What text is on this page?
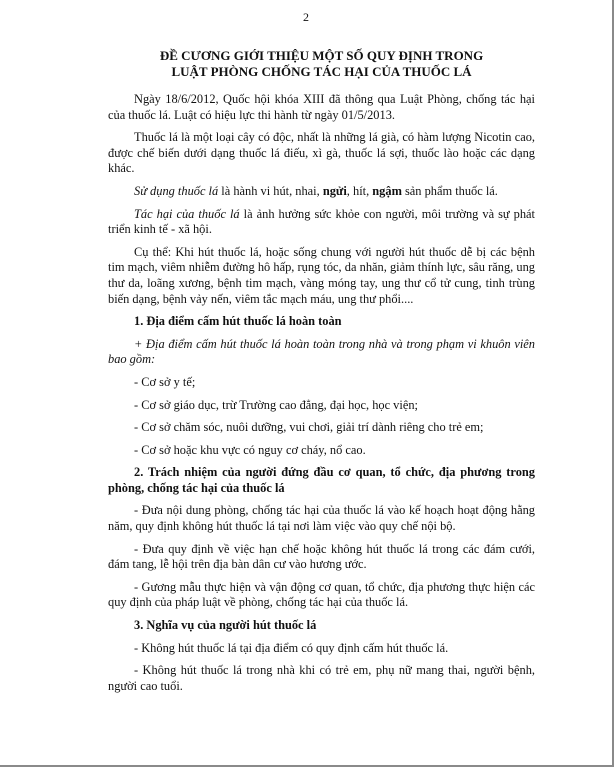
2
ĐỀ CƯƠNG GIỚI THIỆU MỘT SỐ QUY ĐỊNH TRONG
LUẬT PHÒNG CHỐNG TÁC HẠI CỦA THUỐC LÁ

Ngày 18/6/2012, Quốc hội khóa XIII đã thông qua Luật Phòng, chống tác hại của thuốc lá. Luật có hiệu lực thi hành từ ngày 01/5/2013.

Thuốc lá là một loại cây có độc, nhất là những lá già, có hàm lượng Nicotin cao, được chế biến dưới dạng thuốc lá điếu, xì gà, thuốc lá sợi, thuốc lào hoặc các dạng khác.

Sử dụng thuốc lá là hành vi hút, nhai, ngửi, hít, ngậm sản phẩm thuốc lá.

Tác hại của thuốc lá là ảnh hưởng sức khỏe con người, môi trường và sự phát triển kinh tế - xã hội.

Cụ thể: Khi hút thuốc lá, hoặc sống chung với người hút thuốc dễ bị các bệnh tim mạch, viêm nhiễm đường hô hấp, rụng tóc, da nhăn, giảm thính lực, sâu răng, ung thư da, loãng xương, bệnh tim mạch, vàng móng tay, ung thư cổ tử cung, tinh trùng biến dạng, bệnh vảy nến, viêm tắc mạch máu, ung thư phổi....

1. Địa điểm cấm hút thuốc lá hoàn toàn

+ Địa điểm cấm hút thuốc lá hoàn toàn trong nhà và trong phạm vi khuôn viên bao gồm:

- Cơ sở y tế;
- Cơ sở giáo dục, trừ Trường cao đẳng, đại học, học viện;
- Cơ sở chăm sóc, nuôi dưỡng, vui chơi, giải trí dành riêng cho trẻ em;
- Cơ sở hoặc khu vực có nguy cơ cháy, nổ cao.
2. Trách nhiệm của người đứng đầu cơ quan, tổ chức, địa phương trong phòng, chống tác hại của thuốc lá
- Đưa nội dung phòng, chống tác hại của thuốc lá vào kế hoạch hoạt động hằng năm, quy định không hút thuốc lá tại nơi làm việc vào quy chế nội bộ.
- Đưa quy định về việc hạn chế hoặc không hút thuốc lá trong các đám cưới, đám tang, lễ hội trên địa bàn dân cư vào hương ước.
- Gương mẫu thực hiện và vận động cơ quan, tổ chức, địa phương thực hiện các quy định của pháp luật về phòng, chống tác hại của thuốc lá.
3. Nghĩa vụ của người hút thuốc lá
- Không hút thuốc lá tại địa điểm có quy định cấm hút thuốc lá.
- Không hút thuốc lá trong nhà khi có trẻ em, phụ nữ mang thai, người bệnh, người cao tuổi.
